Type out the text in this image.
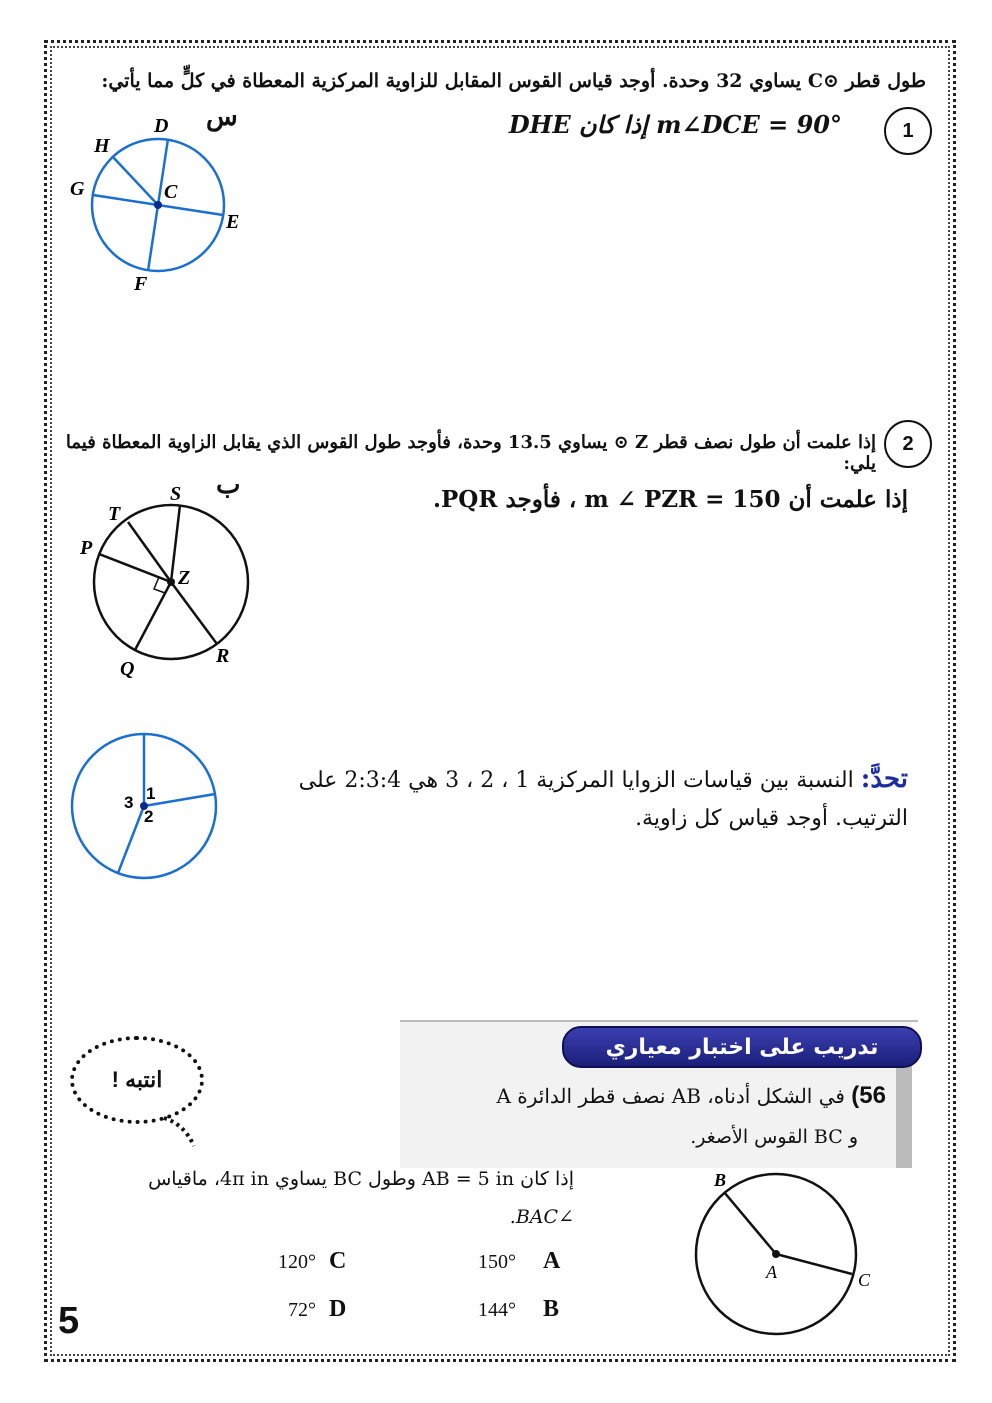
طول قطر ⊙C يساوي 32 وحدة. أوجد قياس القوس المقابل للزاوية المركزية المعطاة في كلٍّ مما يأتي:
1
m∠DCE = 90° إذا كان DHE
س
D
H
G	C
E
F
2
إذا علمت أن طول نصف قطر Z ⊙ يساوي 13.5 وحدة، فأوجد طول القوس الذي يقابل الزاوية المعطاة فيما يلي:
إذا علمت أن m ∠ PZR = 150 ، فأوجد PQR.
ب
S
T
P
Z
Q
R
تحدَّ: النسبة بين قياسات الزوايا المركزية 1 ، 2 ، 3 هي 2:3:4 على الترتيب. أوجد قياس كل زاوية.
1
2
3
تدريب على اختبار معياري
56) في الشكل أدناه، AB نصف قطر الدائرة A
و BC القوس الأصغر.
انتبه !
إذا كان AB = 5 in وطول BC يساوي 4π in، ماقياس
∠BAC.
150° A
120° C
144° B
72° D
B
A	C
5
